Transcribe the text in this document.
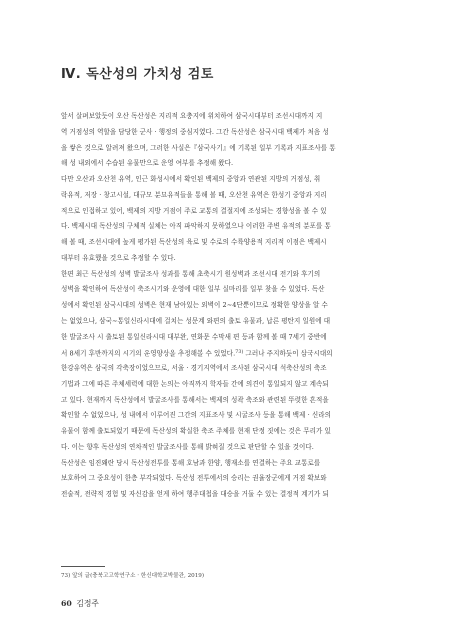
Ⅳ. 독산성의 가치성 검토
앞서 살펴보았듯이 오산 독산성은 지리적 요충지에 위치하여 삼국시대부터 조선시대까지 지
역 거점성의 역할을 담당한 군사 · 행정의 중심지였다. 그간 독산성은 삼국시대 백제가 처음 성
을 쌓은 것으로 알려져 왔으며, 그러한 사실은『삼국사기』에 기록된 일부 기록과 지표조사를 통
해 성 내외에서 수습된 유물만으로 운영 여부를 추정해 왔다.
다만 오산과 오산천 유역, 인근 화성시에서 확인된 백제의 중앙과 연관된 지방의 거점성, 취
락유적, 저장 · 창고시설, 대규모 분묘유적들을 통해 볼 때, 오산천 유역은 한성기 중앙과 지리
적으로 인접하고 있어, 백제의 지방 거점이 주로 교통의 결절지에 조성되는 경향성을 볼 수 있
다. 백제시대 독산성의 구체적 실체는 아직 파악하지 못하였으나 이러한 주변 유적의 분포를 통
해 볼 때, 조선시대에 높게 평가된 독산성의 육로 및 수로의 수륙양용적 지리적 이점은 백제시
대부터 유효했을 것으로 추정할 수 있다.
한편 최근 독산성의 성벽 발굴조사 성과를 통해 초축시기 원성벽과 조선시대 전기와 후기의
성벽을 확인하여 독산성이 축조시기와 운영에 대한 일부 실마리를 일부 찾을 수 있었다. 독산
성에서 확인된 삼국시대의 성벽은 현재 남아있는 외벽이 2∼4단뿐이므로 정확한 양상을 알 수
는 없었으나, 삼국∼통일신라시대에 걸치는 성문계 와편의 출토 유물과, 납른 평탄지 일원에 대
한 발굴조사 시 출토된 통일신라시대 대부완, 연화문 수막새 편 등과 함께 볼 때 7세기 중반에
서 8세기 후반까지의 시기의 운영양상을 추정해볼 수 있었다.$^{73)}$ 그러나 주지하듯이 삼국시대의
한강유역은 삼국의 각축장이었으므로, 서울 · 경기지역에서 조사된 삼국시대 석축산성의 축조
기법과 그에 따른 주체세력에 대한 논의는 아직까지 학자들 간에 의견이 통일되지 않고 계속되
고 있다. 현재까지 독산성에서 발굴조사를 통해서는 백제의 성곽 축조와 관련된 뚜렷한 흔적을
확인할 수 없었으나, 성 내에서 이루어진 그간의 지표조사 및 시굴조사 등을 통해 백제 · 신라의
유물이 함께 출토되었기 때문에 독산성의 확실한 축조 주체를 현재 단정 짓에는 것은 무리가 있
다. 이는 향후 독산성의 연차적인 발굴조사를 통해 밝혀질 것으로 판단할 수 있을 것이다.
독산성은 임진왜란 당시 독산성전투를 통해 호남과 한양, 행재소를 연결하는 주요 교통로를
보호하여 그 중요성이 한층 부각되었다. 독산성 전투에서의 승리는 권율장군에게 거점 확보와
전술적, 전략적 경험 및 자신감을 얻게 하여 행주대첩을 대승을 거둘 수 있는 결정적 계기가 되
73) 앞의 글(충북고고학연구소 · 한신대학교박물관, 2019)
60 김정주
